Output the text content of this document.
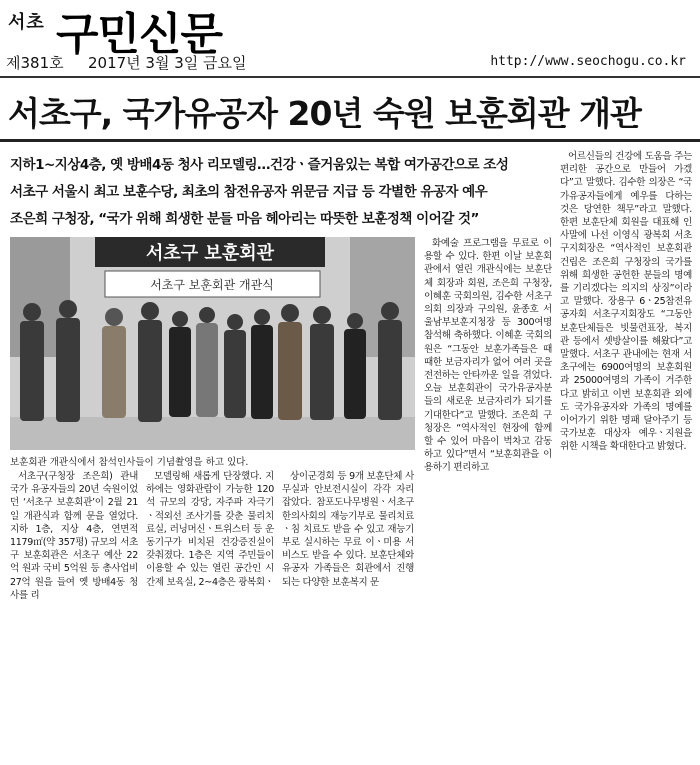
서초 구민신문
제381호 2017년 3월 3일 금요일	http://www.seochogu.co.kr
서초구, 국가유공자 20년 숙원 보훈회관 개관
지하1~지상4층, 옛 방배4동 청사 리모델링…건강ㆍ즐거움있는 복합 여가공간으로 조성
서초구 서울시 최고 보훈수당, 최초의 참전유공자 위문금 지급 등 각별한 유공자 예우
조은희 구청장, “국가 위해 희생한 분들 마음 헤아리는 따뜻한 보훈정책 이어갈 것”
서초구 보훈회관
서초구 보훈회관 개관식
보훈회관 개관식에서 참석인사들이 기념촬영을 하고 있다.

서초구(구청장 조은희) 관내 국가 유공자들의 20년 숙원이었던 ‘서초구 보훈회관’이 2월 21일 개관식과 함께 문을 열었다. 지하 1층, 지상 4층, 연면적 1179㎡(약 357평) 규모의 서초구 보훈회관은 서초구 예산 22억 원과 국비 5억원 등 총사업비 27억 원을 들여 옛 방배4동 청사를 리

모델링해 새롭게 단장했다. 지하에는 영화관람이 가능한 120석 규모의 강당, 자주파 자극기ㆍ적외선 조사기를 갖춘 물리치료실, 러닝머신ㆍ트위스터 등 운동기구가 비치된 건강증진실이 갖춰졌다. 1층은 지역 주민들이 이용할 수 있는 열린 공간인 시간제 보육실, 2~4층은 광복회ㆍ

상이군경회 등 9개 보훈단체 사무실과 안보전시실이 각각 자리잡았다. 참포도나무병원ㆍ서초구한의사회의 재능기부로 물리치료ㆍ침 치료도 받을 수 있고 재능기부로 실시하는 무료 이ㆍ미용 서비스도 받을 수 있다. 보훈단체와 유공자 가족들은 회관에서 진행되는 다양한 보훈복지 문

화예술 프로그램을 무료로 이용할 수 있다. 한편 이날 보훈회관에서 열린 개관식에는 보훈단체 회장과 회원, 조은희 구청장, 이혜훈 국회의원, 김수한 서초구의회 의장과 구의원, 윤종호 서울남부보훈지청장 등 300여명 참석해 축하했다. 이혜훈 국회의원은 “그동안 보훈가족들은 때때한 보금자리가 없어 여러 곳을 전전하는 안타까운 일을 겪었다. 오늘 보훈회관이 국가유공자분들의 새로운 보금자리가 되기를 기대한다”고 말했다. 조은희 구청장은 “역사적인 현장에 함께할 수 있어 마음이 벅차고 감동하고 있다”면서 “보훈회관을 이용하기 편리하고

어르신들의 건강에 도움을 주는 편리한 공간으로 만들어 가겠다”고 말했다. 김수한 의장은 “국가유공자들에게 예우를 다하는 것은 당연한 책무”라고 말했다. 한편 보훈단체 회원을 대표해 인사말에 나선 이영식 광복회 서초구지회장은 “역사적인 보훈회관 건립은 조은희 구청장의 국가를 위해 희생한 공헌한 분들의 명예를 기리겠다는 의지의 상징”이라고 말했다. 장용구 6ㆍ25참전유공자회 서초구지회장도 “그동안 보훈단체들은 빗물련표장, 복지관 등에서 셋방살이를 해왔다”고 말했다. 서초구 관내에는 현재 서초구에는 6900여명의 보훈회원과 25000여명의 가족이 거주한다고 밝히고 이번 보훈회관 외에도 국가유공자와 가족의 명예를 이어가기 위한 명패 달아주기 등 국가보훈 대상자 예우ㆍ지원을 위한 시책을 확대한다고 밝혔다.
